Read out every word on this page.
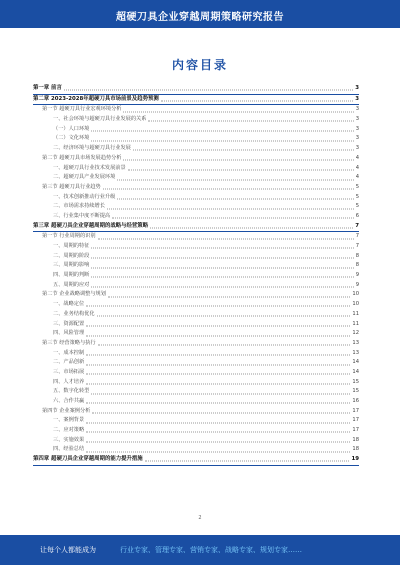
超硬刀具企业穿越周期策略研究报告
内容目录
第一章 前言	3
第二章 2023-2028年超硬刀具市场前景及趋势预测	3
第一节 超硬刀具行业宏观环境分析	3
一、社会环境与超硬刀具行业发展的关系	3
（一）人口环境	3
（二）文化环境	3
二、经济环境与超硬刀具行业发展	3
第二节 超硬刀具市场发展趋势分析	4
一、超硬刀具行业技术发展前景	4
二、超硬刀具产业发展环境	4
第三节 超硬刀具行业趋势	5
一、技术创新推动行业升级	5
二、市场需求持续增长	5
三、行业集中度不断提高	6
第三章 超硬刀具企业穿越周期的战略与经营策略	7
第一节 行业周期的识别	7
一、周期的特征	7
二、周期的阶段	8
三、周期的影响	8
四、周期的判断	9
五、周期的应对	9
第二节 企业战略调整与规划	10
一、战略定位	10
二、业务结构优化	11
三、资源配置	11
四、风险管理	12
第三节 经营策略与执行	13
一、成本控制	13
二、产品创新	14
三、市场拓展	14
四、人才培养	15
五、数字化转型	15
六、合作共赢	16
第四节 企业案例分析	17
一、案例背景	17
二、应对策略	17
三、实施效果	18
四、经验总结	18
第四章 超硬刀具企业穿越周期的能力提升措施	19
2
让每个人都能成为	行业专家、管理专家、营销专家、战略专家、规划专家……
